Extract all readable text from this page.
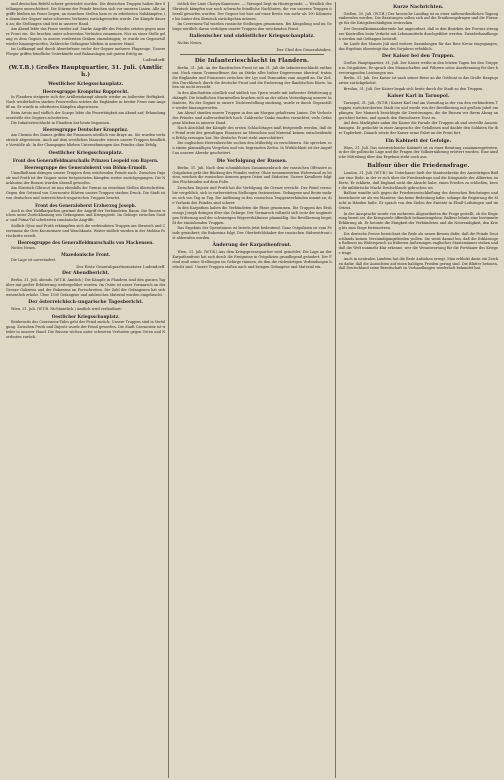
und deutschen Befehl schwer gestriedet worden. Die deutschen Truppen halten ihre Stellungen unerschüttert. Die Stürme der Feinde brachen sich vor unseren Linien. Alle Angriffe bleiben im Feuer liegen; an einzelnen Stellen kam es zu erbitterten Nahkämpfen, in denen der Gegner unter schweren Verlusten zurückgeworfen wurde. Die Kämpfe dauern an; die Stellungen sind fest in unserer Hand.

Am Abend lebte das Feuer wieder auf. Starke Angriffe des Feindes setzten gegen unsere Front ein. Sie brachen unter schwersten Verlusten zusammen. Nur an einer Stelle gelang es dem Gegner, in unsere vordersten Gräben einzudringen; er wurde im Gegenstoß wieder hinausgeworfen. Zahlreiche Gefangene blieben in unserer Hand.

Im Luftkampf und durch Abwehrfeuer verlor der Gegner mehrere Flugzeuge. Unsere Flieger griffen feindliche Unterkünfte und Bahnanlagen mit gutem Erfolg an.

Ludendorff.
(W.T.B.) Großes Hauptquartier, 31. Juli. (Amtlich.)
Westlicher Kriegsschauplatz.
Heeresgruppe Kronprinz Rupprecht.

In Flandern steigerte sich der Artilleriekampf abends wieder zu äußerster Heftigkeit. Nach wiederholten starken Feuerwellen setzten die Engländer in breiter Front zum Angriff an. Er wurde in erbitterten Kämpfen abgewiesen.

Beim Artois und südlich der Scarpe lebte die Feuertätigkeit am Abend auf; Erkundungsvorstöße des Gegners scheiterten.

Die Infanterieschlacht in Flandern hat heute begonnen.

Heeresgruppe Deutscher Kronprinz.

Am Chemin des Dames griffen die Franzosen nördlich von Braye an. Sie wurden verlustreich abgewiesen. Auch auf dem westlichen Maasufer wiesen unsere Truppen feindliche Vorstöße ab. In der Champagne blieben Unternehmungen des Feindes ohne Erfolg.

Oestlicher Kriegsschauplatz.
Front des Generalfeldmarschalls Prinzen Leopold von Bayern.
Heeresgruppe des Generaloberst von Böhm-Ermolli.

Unaufhaltsam drängen unsere Truppen dem weichenden Feinde nach. Zwischen Dnjestr und Pruth ist der Gegner unter fortgesetzten Kämpfen weiter zurückgegangen. Die Nachhuten der Russen wurden überall geworfen.

Am Sbrutsch (Zbrucz) ist nun ebenfalls die Grenze an einzelnen Stellen überschritten. Gegen den Ostrand von Czernowitz führten unsere Truppen starken Druck. Die Stadt ist von deutschen und österreichisch-ungarischen Truppen besetzt.

Front des Generaloberst Erzherzog Joseph.

Auch in den Waldkarpathen gewinnt der Angriff der Verbündeten Raum. Die Russen wichen unter Zurücklassung von Gefangenen und Kriegsgerät. Im Gebirge zwischen Susita- und Putna-Tal scheiterten rumänische Angriffe.

Südlich Ojtoz und Pruth erkämpften sich die verbündeten Truppen am Sbrutsch und Czeremosz die Orte Kuczurmare und Waschkautz. Weiter südlich wurden in der Moldau Fortschritte erzielt.

Heeresgruppe des Generalfeldmarschalls von Mackensen.

Nichts Neues.

Mazedonische Front.

Die Lage ist unverändert.

Der Erste Generalquartiermeister Ludendorff.
Der Abendbericht.

Berlin, 31. Juli, abends. (W.T.B. Amtlich.) Die Kämpfe in Flandern sind den ganzen Tag über mit großer Erbitterung weitergeführt worden. Im Osten ist unser Vormarsch an der Grenze Galiziens und der Bukowina im Fortschreiten. Die Zahl der Gefangenen hat sich wesentlich erhöht. Über 1500 Gefangene und zahlreiches Material wurden eingebracht.

Der österreichisch-ungarische Tagesbericht.

Wien, 31. Juli. (W.T.B. Nichtamtlich.) Amtlich wird verlautbart:

Oestlicher Kriegsschauplatz.

Beiderseits des Czeremosz-Tales geht der Feind zurück. Unsere Truppen sind in Verfolgung. Zwischen Pruth und Dnjestr wurde der Feind geworfen. Die Stadt Czernowitz ist wieder in unserer Hand. Die Russen wichen unter schweren Verlusten gegen Osten und Nordosten zurück.

östlich der Linie Chotyn-Kamieniec. — Tarnopol liegt im Hintergrunde. — Westlich des Sbrutsch kämpfen nur noch schwache feindliche Nachhuten, die von unseren Truppen überall geworfen wurden. Der Gegner hat hier auf einer Breite von mehr als 100 Kilometer bis hinter den Sbrutsch zurückgehen müssen.

Im Czeremosz-Tal wurden russische Stellungen genommen. Bei Kimpolung und im Gebirge nördlich davon verfolgen unsere Truppen den weichenden Feind.

Italienischer und südöstlicher Kriegsschauplatz.

Nichts Neues.

Der Chef des Generalstabes.
Die Infanterieschlacht in Flandern.

Berlin, 31. Juli. An der flandrischen Front ist am 31. Juli die Infanterieschlacht entbrannt. Nach einem Trommelfeuer, das an Stärke alles bisher Dagewesene übertraf, traten die Engländer und Franzosen zwischen der Lys und Dixmuiden zum Angriff an. Ihr Ziel, den Durchbruch durch die deutsche Front und die Eroberung der flandrischen Küste, haben sie nicht erreicht.

In den Abschnitten nördlich und südlich von Ypern wurde mit äußerster Erbitterung gekämpft. Die feindlichen Sturmwellen brachen sich an der zähen Verteidigung unserer Infanterie. Wo der Gegner in unsere Trichterstellung eindrang, wurde er durch Gegenstöße wieder hinausgeworfen.

Am Abend standen unsere Truppen in den am Morgen gehaltenen Linien. Die Verluste des Feindes sind außerordentlich hoch. Zahlreiche Tanks wurden vernichtet; viele Gefangene blieben in unserer Hand.

Nach Abschluß der Kämpfe des ersten Schlachttages muß festgestellt werden, daß der Feind trotz des gewaltigen Einsatzes an Menschen und Material keinen entscheidenden Erfolg errungen hat. Die deutsche Front steht unerschüttert.

Die englischen Heeresberichte suchen den Mißerfolg zu verschleiern. Sie sprechen von einem planmäßigen Vorgehen und von begrenzten Zielen. In Wirklichkeit ist der Angriff an unserer Abwehr gescheitert.

Die Verfolgung der Russen.

Berlin, 31. Juli. Nach dem schmählichen Zusammenbruch der russischen Offensive in Ostgalizien geht der Rückzug des Feindes weiter. Ohne nennenswerten Widerstand zu leisten, weichen die russischen Armeen gegen Osten und Südosten. Unsere Kavallerie folgt den Flüchtenden auf dem Fuße.

Zwischen Dnjestr und Pruth hat die Verfolgung die Grenze erreicht. Der Feind versuchte vergeblich, sich in vorbereiteten Stellungen festzusetzen. Gefangene und Beute mehren sich von Tag zu Tag. Die Auflösung in den russischen Truppenverbänden nimmt zu; die Verluste des Feindes sind schwer.

In den Karpathen haben die Verbündeten die Pässe genommen. Die Truppen des Erzherzogs Joseph drängen über das Gebirge. Der Vormarsch vollzieht sich trotz der ungünstigen Witterung und der schwierigen Wegeverhältnisse planmäßig. Die Bevölkerung begrüßt die einziehenden Truppen.

Das Ergebnis der Operationen ist bereits jetzt bedeutend. Ganz Ostgalizien ist vom Feinde gesäubert; die Bukowina folgt. Der Oberbefehlshaber der russischen Südwestfront ist abberufen worden.

Änderung der Karpathenfront.

Wien, 31. Juli. (W.T.B.) Aus dem Kriegspressequartier wird gemeldet: Die Lage an der Karpathenfront hat sich durch die Ereignisse in Ostgalizien grundlegend geändert. Der Feind muß seine Stellungen im Gebirge räumen, da ihm die rückwärtigen Verbindungen bedroht sind. Unsere Truppen stoßen nach und bringen Gefangene und Material ein.

Kurze Nachrichten.

Gießen, 30. Juli. (W.T.B.) Der hessische Landtag ist zu einer außerordentlichen Tagung einberufen worden. Die Beratungen sollen sich auf die Ernährungsfragen und die Fürsorge für die Kriegsbeschädigten erstrecken.

Der Generalkommandierende hat angeordnet, daß in den Bezirken der Provinz strengere Kontrollen beim Verkehr mit Lebensmitteln durchgeführt werden. Zuwiderhandlungen werden mit Gefängnis bestraft.

Im Laufe des Monats Juli sind weitere Sammlungen für das Rote Kreuz eingegangen; das Ergebnis übersteigt das des Vorjahres erheblich.

Der Kaiser bei den Truppen.

Großes Hauptquartier, 31. Juli. Der Kaiser weilte in den letzten Tagen bei den Truppen in Ostgalizien. Er sprach den Mannschaften und Führern seine Anerkennung für ihre hervorragenden Leistungen aus.

Berlin, 31. Juli. Der Kaiser ist nach seiner Reise an die Ostfront in das Große Hauptquartier zurückgekehrt.

Breslau, 31. Juli. Der Kaiser begab sich heute durch die Stadt zu den Truppen.

Kaiser Karl in Tarnopol.

Tarnopol, 31. Juli. (W.T.B.) Kaiser Karl traf am Vormittag in der von den verbündeten Truppen zurückeroberten Stadt ein und wurde von der Bevölkerung mit großem Jubel empfangen. Der Monarch besichtigte die Zerstörungen, die die Russen vor ihrem Abzug angerichtet hatten, und sprach den Einwohnern Trost zu.

Auf dem Marktplatz nahm der Kaiser die Parade der Truppen ab und verteilte Auszeichnungen. Er gedachte in einer Ansprache der Gefallenen und dankte den Soldaten für ihre Tapferkeit. Danach setzte der Kaiser seine Fahrt an die Front fort.

Ein Kabinett der Gefolge.

Wien, 31. Juli. Das österreichische Kabinett ist zu einer Beratung zusammengetreten, in der die politische Lage und die Fragen der Volksernährung erörtert wurden. Eine amtliche Mitteilung über das Ergebnis steht noch aus.

Balfour über die Friedensfrage.

London, 31. Juli. (W.T.B.) Im Unterhause hielt der Staatssekretär des Auswärtigen Balfour eine Rede, in der er sich über die Friedensfrage und die Kriegsziele der Alliierten äußerte. Er erklärte, daß England nicht die Absicht habe, einen Frieden zu schließen, bevor die militärische Macht Deutschlands gebrochen sei.

Balfour wandte sich gegen die Friedensentschließung des deutschen Reichstages und bezeichnete sie als ein Manöver, das keine Bedeutung habe, solange die Regierung die Macht in Händen halte. Er sprach von den Zielen der Entente in Elsaß-Lothringen und im Orient.

In der Aussprache wurde von mehreren Abgeordneten die Frage gestellt, ob die Regierung bereit sei, die Kriegsziele öffentlich bekanntzugeben. Balfour lehnte eine bestimmte Erklärung ab. Er betonte die Einigkeit der Verbündeten und die Notwendigkeit, den Krieg bis zum Siege fortzusetzen.

Die deutsche Presse bezeichnet die Rede als neuen Beweis dafür, daß die Feinde Deutschlands keinen Verständigungsfrieden wollen. Sie weist darauf hin, daß die Erklärungen Balfours im Widerspruch zu früheren Äußerungen englischer Staatsmänner stehen und daß die Welt nunmehr klar erkenne, wer die Verantwortung für die Fortdauer des Krieges trage.

Auch in neutralen Ländern hat die Rede Aufsehen erregt. Man erblickt darin ein Zeichen dafür, daß die Aussichten auf einen baldigen Frieden gering sind. Die Blätter betonen, daß Deutschland seine Bereitschaft zu Verhandlungen wiederholt bekundet hat.
